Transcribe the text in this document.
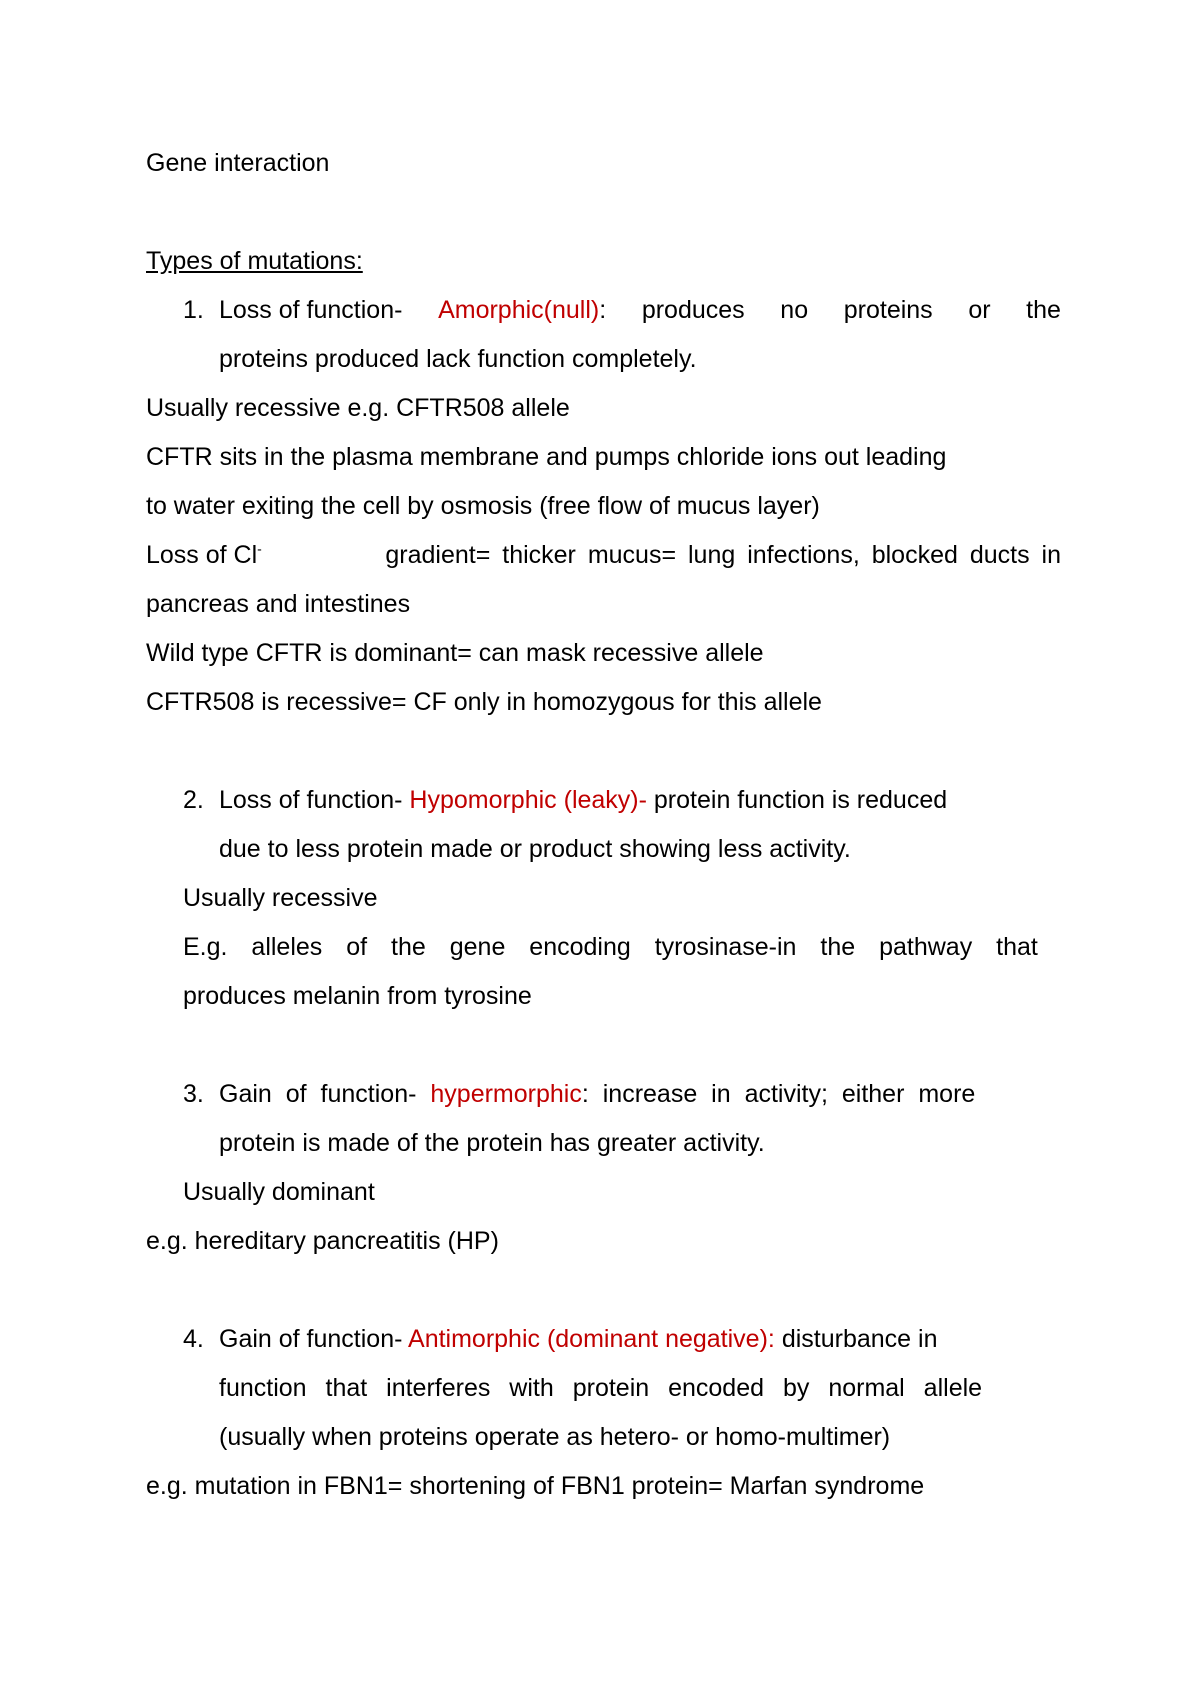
Gene interaction
Types of mutations:
1. Loss of function- Amorphic(null): produces no proteins or the
proteins produced lack function completely.
Usually recessive e.g. CFTR508 allele
CFTR sits in the plasma membrane and pumps chloride ions out leading
to water exiting the cell by osmosis (free flow of mucus layer)
Loss of Cl-	gradient= thicker mucus= lung infections, blocked ducts in
pancreas and intestines
Wild type CFTR is dominant= can mask recessive allele
CFTR508 is recessive= CF only in homozygous for this allele
2. Loss of function- Hypomorphic (leaky)- protein function is reduced
due to less protein made or product showing less activity.
Usually recessive
E.g. alleles of the gene encoding tyrosinase-in the pathway that
produces melanin from tyrosine
3. Gain of function- hypermorphic: increase in activity; either more
protein is made of the protein has greater activity.
Usually dominant
e.g. hereditary pancreatitis (HP)
4. Gain of function- Antimorphic (dominant negative): disturbance in
function that interferes with protein encoded by normal allele
(usually when proteins operate as hetero- or homo-multimer)
e.g. mutation in FBN1= shortening of FBN1 protein= Marfan syndrome
